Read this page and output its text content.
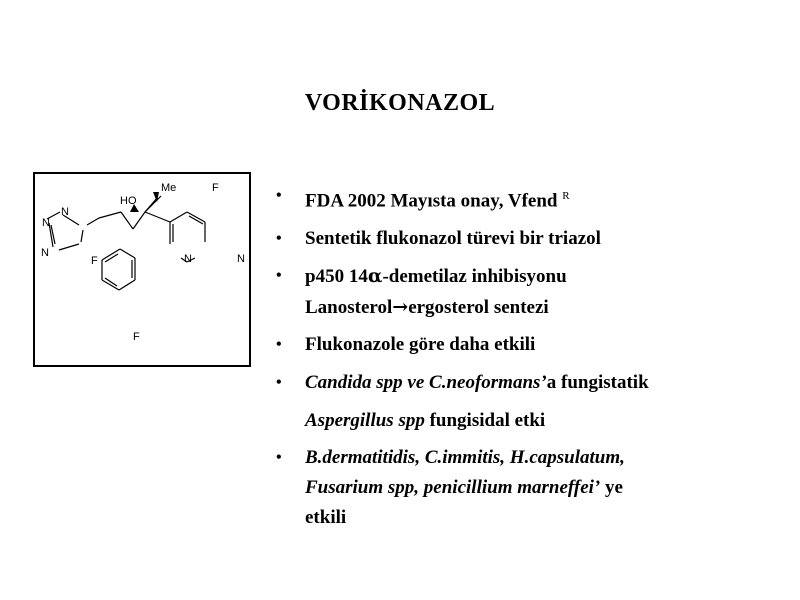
VORİKONAZOL
N
N
N
HO
Me	F
F
F
N	N
• FDA 2002 Mayısta onay, Vfend $^R$
• Sentetik flukonazol türevi bir triazol
• p450 14α-demetilaz inhibisyonu
Lanosterol→ergosterol sentezi
• Flukonazole göre daha etkili
• Candida spp ve C.neoformans’a fungistatik
Aspergillus spp fungisidal etki
• B.dermatitidis, C.immitis, H.capsulatum,
Fusarium spp, penicillium marneffei’ ye
etkili
